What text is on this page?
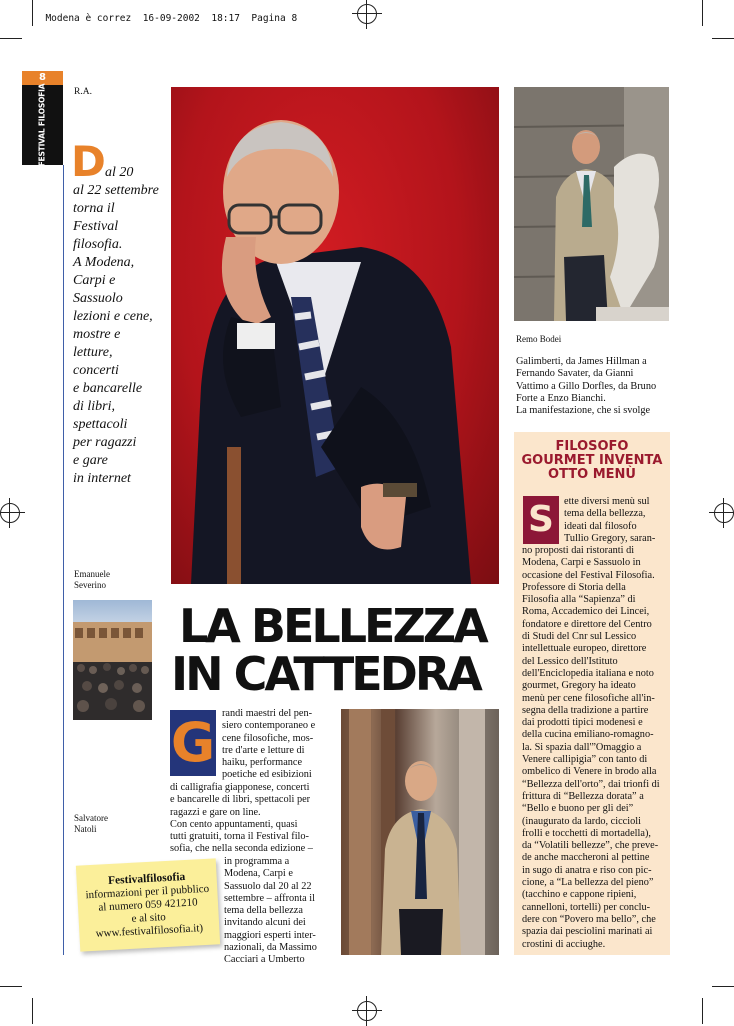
Modena è correz 16-09-2002 18:17 Pagina 8

8
FESTIVAL FILOSOFIA	R.A.
D al 20
al 22 settembre
torna il
Festival
filosofia.
A Modena,
Carpi e
Sassuolo
lezioni e cene,
mostre e
letture,
concerti
e bancarelle
di libri,
spettacoli
per ragazzi
e gare
in internet
Emanuele
Severino
Salvatore
Natoli
Festivalfilosofia
informazioni per il pubblico
al numero 059 421210
e al sito
www.festivalfilosofia.it)
LA BELLEZZA
IN CATTEDRA
G randi maestri del pen-
siero contemporaneo e
cene filosofiche, mos-
tre d'arte e letture di
haiku, performance
poetiche ed esibizioni
di calligrafia giapponese, concerti
e bancarelle di libri, spettacoli per
ragazzi e gare on line.
Con cento appuntamenti, quasi
tutti gratuiti, torna il Festival filo-
sofia, che nella seconda edizione –
in programma a
Modena, Carpi e
Sassuolo dal 20 al 22
settembre – affronta il
tema della bellezza
invitando alcuni dei
maggiori esperti inter-
nazionali, da Massimo
Cacciari a Umberto
Remo Bodei
Galimberti, da James Hillman a
Fernando Savater, da Gianni
Vattimo a Gillo Dorfles, da Bruno
Forte a Enzo Bianchi.
La manifestazione, che si svolge
FILOSOFO
GOURMET INVENTA
OTTO MENÙ
S ette diversi menù sul
tema della bellezza,
ideati dal filosofo
Tullio Gregory, saran-
no proposti dai ristoranti di
Modena, Carpi e Sassuolo in
occasione del Festival Filosofia.
Professore di Storia della
Filosofia alla “Sapienza” di
Roma, Accademico dei Lincei,
fondatore e direttore del Centro
di Studi del Cnr sul Lessico
intellettuale europeo, direttore
del Lessico dell'Istituto
dell'Enciclopedia italiana e noto
gourmet, Gregory ha ideato
menù per cene filosofiche all'in-
segna della tradizione a partire
dai prodotti tipici modenesi e
della cucina emiliano-romagno-
la. Si spazia dall'”Omaggio a
Venere callipigia” con tanto di
ombelico di Venere in brodo alla
“Bellezza dell'orto”, dai trionfi di
frittura di “Bellezza dorata” a
“Bello e buono per gli dei”
(inaugurato da lardo, ciccioli
frolli e tocchetti di mortadella),
da “Volatili bellezze”, che preve-
de anche maccheroni al pettine
in sugo di anatra e riso con pic-
cione, a “La bellezza del pieno”
(tacchino e cappone ripieni,
cannelloni, tortelli) per conclu-
dere con “Povero ma bello”, che
spazia dai pesciolini marinati ai
crostini di acciughe.
